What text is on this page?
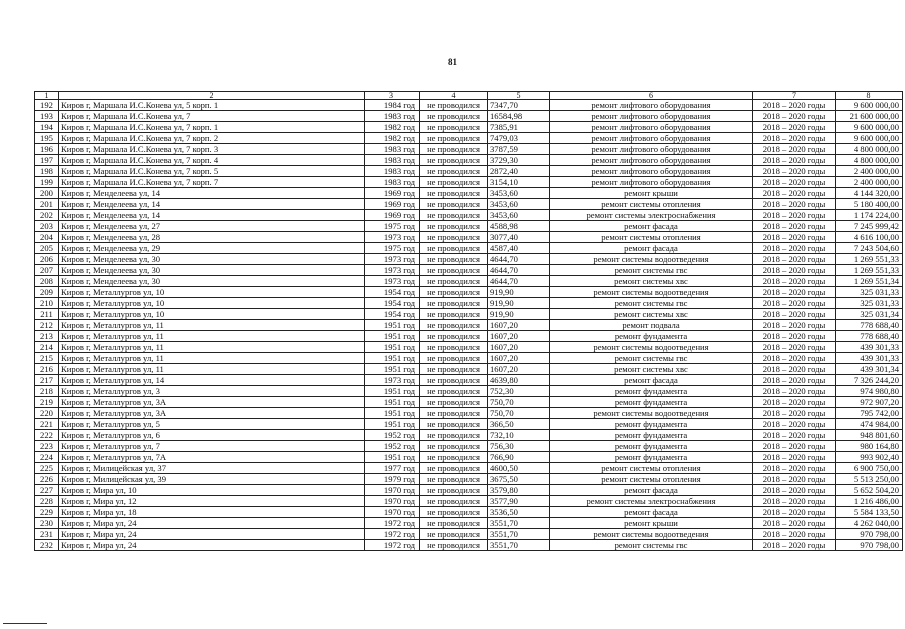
81
1	2	3	4	5	6	7	8
192	Киров г, Маршала И.С.Конева ул, 5 корп. 1	1984 год	не проводился	7347,70	ремонт лифтового оборудования	2018 – 2020 годы	9 600 000,00
193	Киров г, Маршала И.С.Конева ул, 7	1983 год	не проводился	16584,98	ремонт лифтового оборудования	2018 – 2020 годы	21 600 000,00
194	Киров г, Маршала И.С.Конева ул, 7 корп. 1	1982 год	не проводился	7385,91	ремонт лифтового оборудования	2018 – 2020 годы	9 600 000,00
195	Киров г, Маршала И.С.Конева ул, 7 корп. 2	1982 год	не проводился	7479,03	ремонт лифтового оборудования	2018 – 2020 годы	9 600 000,00
196	Киров г, Маршала И.С.Конева ул, 7 корп. 3	1983 год	не проводился	3787,59	ремонт лифтового оборудования	2018 – 2020 годы	4 800 000,00
197	Киров г, Маршала И.С.Конева ул, 7 корп. 4	1983 год	не проводился	3729,30	ремонт лифтового оборудования	2018 – 2020 годы	4 800 000,00
198	Киров г, Маршала И.С.Конева ул, 7 корп. 5	1983 год	не проводился	2872,40	ремонт лифтового оборудования	2018 – 2020 годы	2 400 000,00
199	Киров г, Маршала И.С.Конева ул, 7 корп. 7	1983 год	не проводился	3154,10	ремонт лифтового оборудования	2018 – 2020 годы	2 400 000,00
200	Киров г, Менделеева ул, 14	1969 год	не проводился	3453,60	ремонт крыши	2018 – 2020 годы	4 144 320,00
201	Киров г, Менделеева ул, 14	1969 год	не проводился	3453,60	ремонт системы отопления	2018 – 2020 годы	5 180 400,00
202	Киров г, Менделеева ул, 14	1969 год	не проводился	3453,60	ремонт системы электроснабжения	2018 – 2020 годы	1 174 224,00
203	Киров г, Менделеева ул, 27	1975 год	не проводился	4588,98	ремонт фасада	2018 – 2020 годы	7 245 999,42
204	Киров г, Менделеева ул, 28	1973 год	не проводился	3077,40	ремонт системы отопления	2018 – 2020 годы	4 616 100,00
205	Киров г, Менделеева ул, 29	1975 год	не проводился	4587,40	ремонт фасада	2018 – 2020 годы	7 243 504,60
206	Киров г, Менделеева ул, 30	1973 год	не проводился	4644,70	ремонт системы водоотведения	2018 – 2020 годы	1 269 551,33
207	Киров г, Менделеева ул, 30	1973 год	не проводился	4644,70	ремонт системы гвс	2018 – 2020 годы	1 269 551,33
208	Киров г, Менделеева ул, 30	1973 год	не проводился	4644,70	ремонт системы хвс	2018 – 2020 годы	1 269 551,34
209	Киров г, Металлургов ул, 10	1954 год	не проводился	919,90	ремонт системы водоотведения	2018 – 2020 годы	325 031,33
210	Киров г, Металлургов ул, 10	1954 год	не проводился	919,90	ремонт системы гвс	2018 – 2020 годы	325 031,33
211	Киров г, Металлургов ул, 10	1954 год	не проводился	919,90	ремонт системы хвс	2018 – 2020 годы	325 031,34
212	Киров г, Металлургов ул, 11	1951 год	не проводился	1607,20	ремонт подвала	2018 – 2020 годы	778 688,40
213	Киров г, Металлургов ул, 11	1951 год	не проводился	1607,20	ремонт фундамента	2018 – 2020 годы	778 688,40
214	Киров г, Металлургов ул, 11	1951 год	не проводился	1607,20	ремонт системы водоотведения	2018 – 2020 годы	439 301,33
215	Киров г, Металлургов ул, 11	1951 год	не проводился	1607,20	ремонт системы гвс	2018 – 2020 годы	439 301,33
216	Киров г, Металлургов ул, 11	1951 год	не проводился	1607,20	ремонт системы хвс	2018 – 2020 годы	439 301,34
217	Киров г, Металлургов ул, 14	1973 год	не проводился	4639,80	ремонт фасада	2018 – 2020 годы	7 326 244,20
218	Киров г, Металлургов ул, 3	1951 год	не проводился	752,30	ремонт фундамента	2018 – 2020 годы	974 980,80
219	Киров г, Металлургов ул, 3А	1951 год	не проводился	750,70	ремонт фундамента	2018 – 2020 годы	972 907,20
220	Киров г, Металлургов ул, 3А	1951 год	не проводился	750,70	ремонт системы водоотведения	2018 – 2020 годы	795 742,00
221	Киров г, Металлургов ул, 5	1951 год	не проводился	366,50	ремонт фундамента	2018 – 2020 годы	474 984,00
222	Киров г, Металлургов ул, 6	1952 год	не проводился	732,10	ремонт фундамента	2018 – 2020 годы	948 801,60
223	Киров г, Металлургов ул, 7	1952 год	не проводился	756,30	ремонт фундамента	2018 – 2020 годы	980 164,80
224	Киров г, Металлургов ул, 7А	1951 год	не проводился	766,90	ремонт фундамента	2018 – 2020 годы	993 902,40
225	Киров г, Милицейская ул, 37	1977 год	не проводился	4600,50	ремонт системы отопления	2018 – 2020 годы	6 900 750,00
226	Киров г, Милицейская ул, 39	1979 год	не проводился	3675,50	ремонт системы отопления	2018 – 2020 годы	5 513 250,00
227	Киров г, Мира ул, 10	1970 год	не проводился	3579,80	ремонт фасада	2018 – 2020 годы	5 652 504,20
228	Киров г, Мира ул, 12	1970 год	не проводился	3577,90	ремонт системы электроснабжения	2018 – 2020 годы	1 216 486,00
229	Киров г, Мира ул, 18	1970 год	не проводился	3536,50	ремонт фасада	2018 – 2020 годы	5 584 133,50
230	Киров г, Мира ул, 24	1972 год	не проводился	3551,70	ремонт крыши	2018 – 2020 годы	4 262 040,00
231	Киров г, Мира ул, 24	1972 год	не проводился	3551,70	ремонт системы водоотведения	2018 – 2020 годы	970 798,00
232	Киров г, Мира ул, 24	1972 год	не проводился	3551,70	ремонт системы гвс	2018 – 2020 годы	970 798,00
